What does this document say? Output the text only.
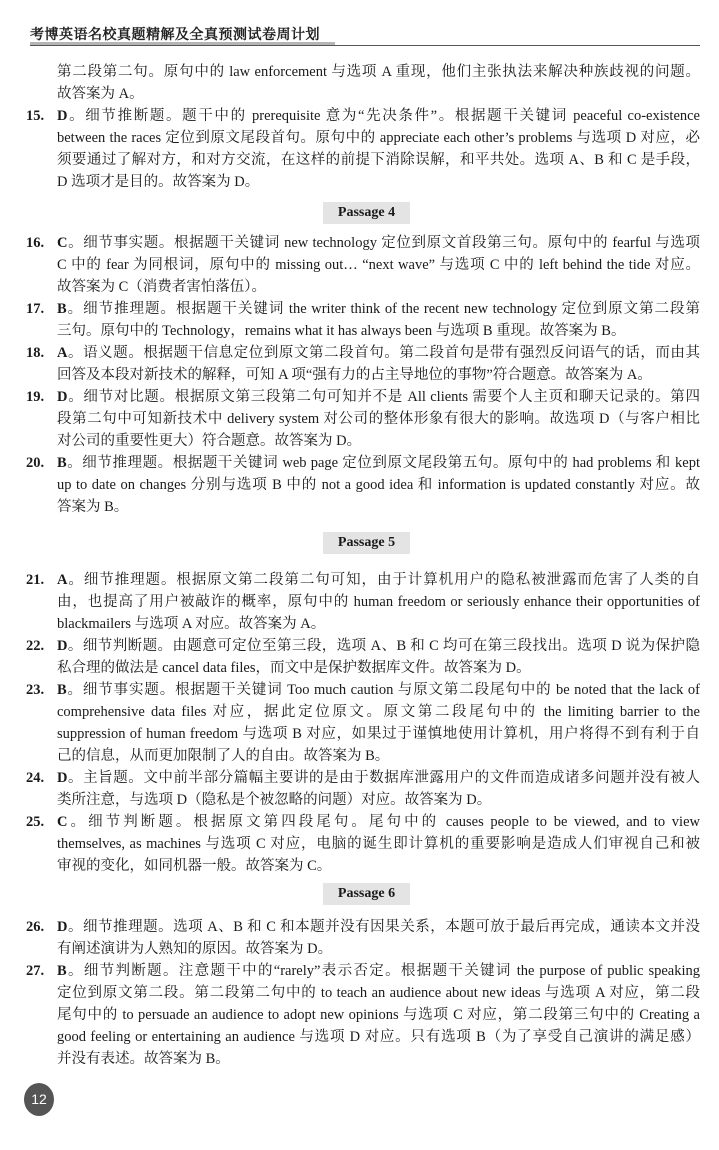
考博英语名校真题精解及全真预测试卷周计划
第二段第二句。原句中的 law enforcement 与选项 A 重现，他们主张执法来解决种族歧视的问题。
故答案为 A。
15. D。细节推断题。题干中的 prerequisite 意为“先决条件”。根据题干关键词 peaceful co-existence
between the races 定位到原文尾段首句。原句中的 appreciate each other’s problems 与选项 D 对应，必
须要通过了解对方，和对方交流，在这样的前提下消除误解，和平共处。选项 A、B 和 C 是手段，
D 选项才是目的。故答案为 D。
Passage 4
16. C。细节事实题。根据题干关键词 new technology 定位到原文首段第三句。原句中的 fearful 与选项
C 中的 fear 为同根词，原句中的 missing out… “next wave” 与选项 C 中的 left behind the tide 对应。
故答案为 C（消费者害怕落伍）。
17. B。细节推理题。根据题干关键词 the writer think of the recent new technology 定位到原文第二段第
三句。原句中的 Technology，remains what it has always been 与选项 B 重现。故答案为 B。
18. A。语义题。根据题干信息定位到原文第二段首句。第二段首句是带有强烈反问语气的话，而由其
回答及本段对新技术的解释，可知 A 项“强有力的占主导地位的事物”符合题意。故答案为 A。
19. D。细节对比题。根据原文第三段第二句可知并不是 All clients 需要个人主页和聊天记录的。第四
段第二句中可知新技术中 delivery system 对公司的整体形象有很大的影响。故选项 D（与客户相比
对公司的重要性更大）符合题意。故答案为 D。
20. B。细节推理题。根据题干关键词 web page 定位到原文尾段第五句。原句中的 had problems 和 kept
up to date on changes 分别与选项 B 中的 not a good idea 和 information is updated constantly 对应。故
答案为 B。
Passage 5
21. A。细节推理题。根据原文第二段第二句可知，由于计算机用户的隐私被泄露而危害了人类的自
由，也提高了用户被敲诈的概率，原句中的 human freedom or seriously enhance their opportunities of
blackmailers 与选项 A 对应。故答案为 A。
22. D。细节判断题。由题意可定位至第三段，选项 A、B 和 C 均可在第三段找出。选项 D 说为保护隐
私合理的做法是 cancel data files，而文中是保护数据库文件。故答案为 D。
23. B。细节事实题。根据题干关键词 Too much caution 与原文第二段尾句中的 be noted that the lack of
comprehensive data files 对应，据此定位原文。原文第二段尾句中的 the limiting barrier to the
suppression of human freedom 与选项 B 对应，如果过于谨慎地使用计算机，用户将得不到有利于自
己的信息，从而更加限制了人的自由。故答案为 B。
24. D。主旨题。文中前半部分篇幅主要讲的是由于数据库泄露用户的文件而造成诸多问题并没有被人
类所注意，与选项 D（隐私是个被忽略的问题）对应。故答案为 D。
25. C。细节判断题。根据原文第四段尾句。尾句中的 causes people to be viewed, and to view
themselves, as machines 与选项 C 对应，电脑的诞生即计算机的重要影响是造成人们审视自己和被
审视的变化，如同机器一般。故答案为 C。
Passage 6
26. D。细节推理题。选项 A、B 和 C 和本题并没有因果关系，本题可放于最后再完成，通读本文并没
有阐述演讲为人熟知的原因。故答案为 D。
27. B。细节判断题。注意题干中的“rarely”表示否定。根据题干关键词 the purpose of public speaking
定位到原文第二段。第二段第二句中的 to teach an audience about new ideas 与选项 A 对应，第二段
尾句中的 to persuade an audience to adopt new opinions 与选项 C 对应，第二段第三句中的 Creating a
good feeling or entertaining an audience 与选项 D 对应。只有选项 B（为了享受自己演讲的满足感）
并没有表述。故答案为 B。
12
